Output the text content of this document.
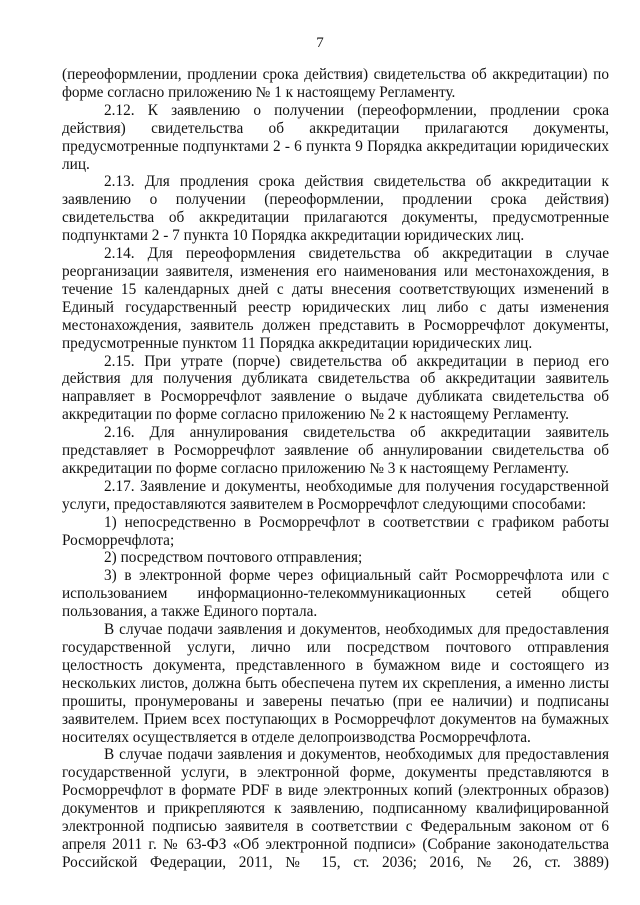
7

(переоформлении, продлении срока действия) свидетельства об аккредитации) по форме согласно приложению № 1 к настоящему Регламенту.

2.12. К заявлению о получении (переоформлении, продлении срока действия) свидетельства об аккредитации прилагаются документы, предусмотренные подпунктами 2 - 6 пункта 9 Порядка аккредитации юридических лиц.

2.13. Для продления срока действия свидетельства об аккредитации к заявлению о получении (переоформлении, продлении срока действия) свидетельства об аккредитации прилагаются документы, предусмотренные подпунктами 2 - 7 пункта 10 Порядка аккредитации юридических лиц.

2.14. Для переоформления свидетельства об аккредитации в случае реорганизации заявителя, изменения его наименования или местонахождения, в течение 15 календарных дней с даты внесения соответствующих изменений в Единый государственный реестр юридических лиц либо с даты изменения местонахождения, заявитель должен представить в Росморречфлот документы, предусмотренные пунктом 11 Порядка аккредитации юридических лиц.

2.15. При утрате (порче) свидетельства об аккредитации в период его действия для получения дубликата свидетельства об аккредитации заявитель направляет в Росморречфлот заявление о выдаче дубликата свидетельства об аккредитации по форме согласно приложению № 2 к настоящему Регламенту.

2.16. Для аннулирования свидетельства об аккредитации заявитель представляет в Росморречфлот заявление об аннулировании свидетельства об аккредитации по форме согласно приложению № 3 к настоящему Регламенту.

2.17. Заявление и документы, необходимые для получения государственной услуги, предоставляются заявителем в Росморречфлот следующими способами:

1) непосредственно в Росморречфлот в соответствии с графиком работы Росморречфлота;

2) посредством почтового отправления;

3) в электронной форме через официальный сайт Росморречфлота или с использованием информационно-телекоммуникационных сетей общего пользования, а также Единого портала.

В случае подачи заявления и документов, необходимых для предоставления государственной услуги, лично или посредством почтового отправления целостность документа, представленного в бумажном виде и состоящего из нескольких листов, должна быть обеспечена путем их скрепления, а именно листы прошиты, пронумерованы и заверены печатью (при ее наличии) и подписаны заявителем. Прием всех поступающих в Росморречфлот документов на бумажных носителях осуществляется в отделе делопроизводства Росморречфлота.

В случае подачи заявления и документов, необходимых для предоставления государственной услуги, в электронной форме, документы представляются в Росморречфлот в формате PDF в виде электронных копий (электронных образов) документов и прикрепляются к заявлению, подписанному квалифицированной электронной подписью заявителя в соответствии с Федеральным законом от 6 апреля 2011 г. № 63-ФЗ «Об электронной подписи» (Собрание законодательства Российской Федерации, 2011, № 15, ст. 2036; 2016, № 26, ст. 3889)
